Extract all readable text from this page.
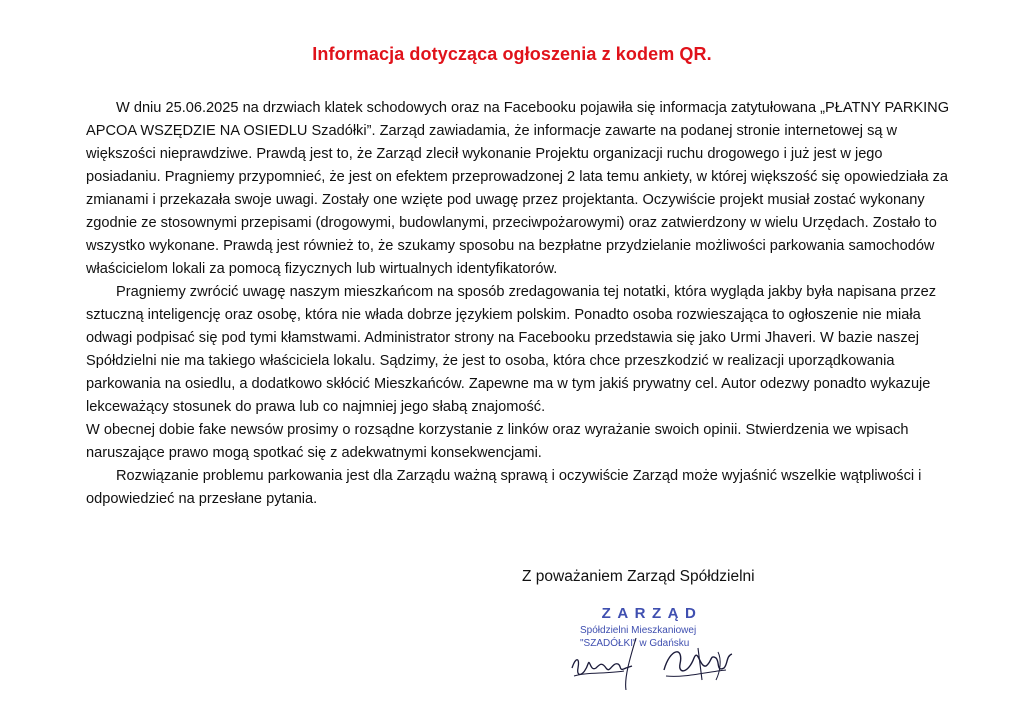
Informacja dotycząca ogłoszenia z kodem QR.

W dniu 25.06.2025 na drzwiach klatek schodowych oraz na Facebooku pojawiła się informacja zatytułowana „PŁATNY PARKING APCOA WSZĘDZIE NA OSIEDLU Szadółki”. Zarząd zawiadamia, że informacje zawarte na podanej stronie internetowej są w większości nieprawdziwe. Prawdą jest to, że Zarząd zlecił wykonanie Projektu organizacji ruchu drogowego i już jest w jego posiadaniu. Pragniemy przypomnieć, że jest on efektem przeprowadzonej 2 lata temu ankiety, w której większość się opowiedziała za zmianami i przekazała swoje uwagi. Zostały one wzięte pod uwagę przez projektanta. Oczywiście projekt musiał zostać wykonany zgodnie ze stosownymi przepisami (drogowymi, budowlanymi, przeciwpożarowymi) oraz zatwierdzony w wielu Urzędach. Zostało to wszystko wykonane. Prawdą jest również to, że szukamy sposobu na bezpłatne przydzielanie możliwości parkowania samochodów właścicielom lokali za pomocą fizycznych lub wirtualnych identyfikatorów.

Pragniemy zwrócić uwagę naszym mieszkańcom na sposób zredagowania tej notatki, która wygląda jakby była napisana przez sztuczną inteligencję oraz osobę, która nie włada dobrze językiem polskim. Ponadto osoba rozwieszająca to ogłoszenie nie miała odwagi podpisać się pod tymi kłamstwami. Administrator strony na Facebooku przedstawia się jako Urmi Jhaveri. W bazie naszej Spółdzielni nie ma takiego właściciela lokalu. Sądzimy, że jest to osoba, która chce przeszkodzić w realizacji uporządkowania parkowania na osiedlu, a dodatkowo skłócić Mieszkańców. Zapewne ma w tym jakiś prywatny cel. Autor odezwy ponadto wykazuje lekceważący stosunek do prawa lub co najmniej jego słabą znajomość.

W obecnej dobie fake newsów prosimy o rozsądne korzystanie z linków oraz wyrażanie swoich opinii. Stwierdzenia we wpisach naruszające prawo mogą spotkać się z adekwatnymi konsekwencjami.

Rozwiązanie problemu parkowania jest dla Zarządu ważną sprawą i oczywiście Zarząd może wyjaśnić wszelkie wątpliwości i odpowiedzieć na przesłane pytania.

Z poważaniem Zarząd Spółdzielni
ZARZĄD
Spółdzielni Mieszkaniowej
"SZADÓŁKI" w Gdańsku
